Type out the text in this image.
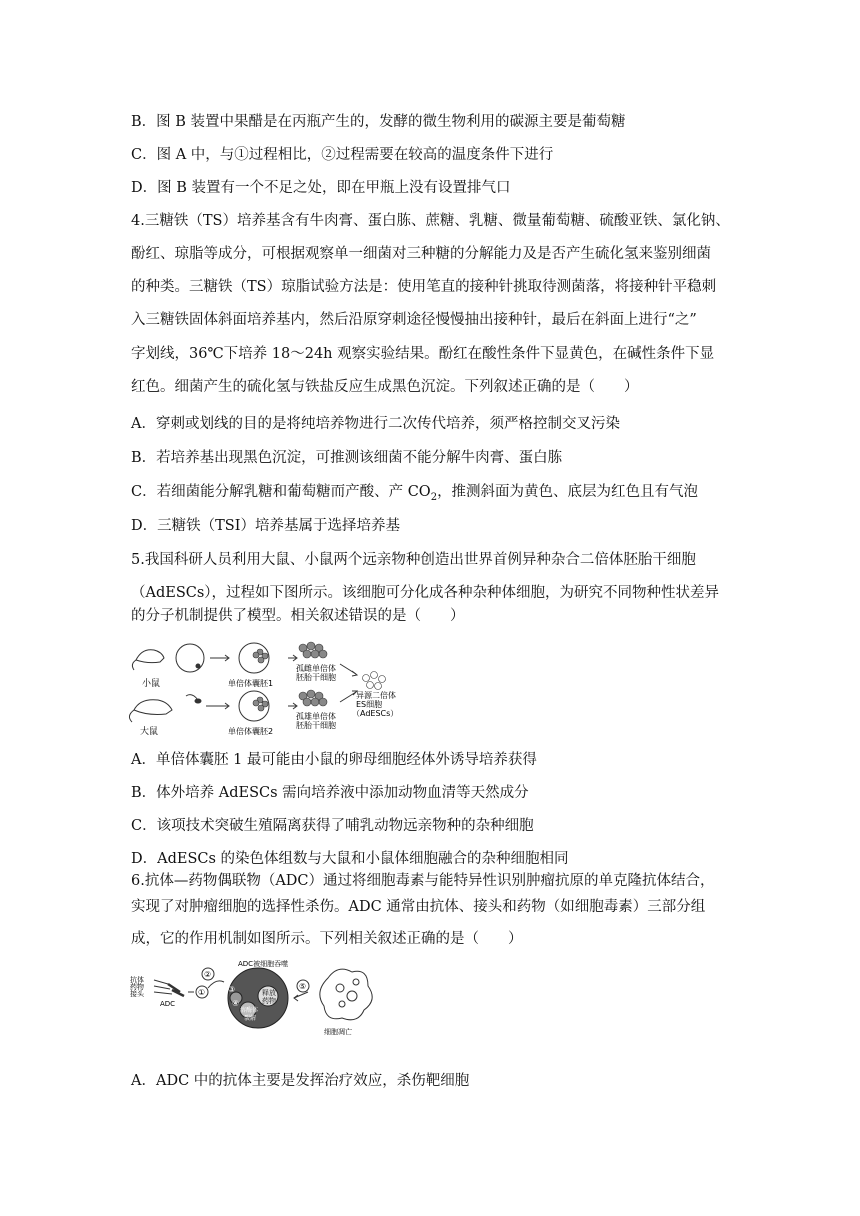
B．图 B 装置中果醋是在丙瓶产生的，发酵的微生物利用的碳源主要是葡萄糖
C．图 A 中，与①过程相比，②过程需要在较高的温度条件下进行
D．图 B 装置有一个不足之处，即在甲瓶上没有设置排气口
4.三糖铁（TS）培养基含有牛肉膏、蛋白胨、蔗糖、乳糖、微量葡萄糖、硫酸亚铁、氯化钠、
酚红、琼脂等成分，可根据观察单一细菌对三种糖的分解能力及是否产生硫化氢来鉴别细菌
的种类。三糖铁（TS）琼脂试验方法是：使用笔直的接种针挑取待测菌落，将接种针平稳刺
入三糖铁固体斜面培养基内，然后沿原穿刺途径慢慢抽出接种针，最后在斜面上进行“之”
字划线，36℃下培养 18～24h 观察实验结果。酚红在酸性条件下显黄色，在碱性条件下显
红色。细菌产生的硫化氢与铁盐反应生成黑色沉淀。下列叙述正确的是（　　）
A．穿刺或划线的目的是将纯培养物进行二次传代培养，须严格控制交叉污染
B．若培养基出现黑色沉淀，可推测该细菌不能分解牛肉膏、蛋白胨
C．若细菌能分解乳糖和葡萄糖而产酸、产 $CO_2$，推测斜面为黄色、底层为红色且有气泡
D．三糖铁（TSI）培养基属于选择培养基
5.我国科研人员利用大鼠、小鼠两个远亲物种创造出世界首例异种杂合二倍体胚胎干细胞
（AdESCs），过程如下图所示。该细胞可分化成各种杂种体细胞，为研究不同物种性状差异
的分子机制提供了模型。相关叙述错误的是（　　）
小鼠
大鼠
单倍体囊胚1
单倍体囊胚2
孤雌单倍体
胚胎干细胞
孤雄单倍体
胚胎干细胞
异源二倍体
ES细胞
（AdESCs）
A．单倍体囊胚 1 最可能由小鼠的卵母细胞经体外诱导培养获得
B．体外培养 AdESCs 需向培养液中添加动物血清等天然成分
C．该项技术突破生殖隔离获得了哺乳动物远亲物种的杂种细胞
D．AdESCs 的染色体组数与大鼠和小鼠体细胞融合的杂种细胞相同
6.抗体—药物偶联物（ADC）通过将细胞毒素与能特异性识别肿瘤抗原的单克隆抗体结合，
实现了对肿瘤细胞的选择性杀伤。ADC 通常由抗体、接头和药物（如细胞毒素）三部分组
成，它的作用机制如图所示。下列相关叙述正确的是（　　）
抗体
药物
接头
ADC
ADC被细胞吞噬
释放
药物
溶酶体
裂解
细胞凋亡
①
②
③
④
⑤
A．ADC 中的抗体主要是发挥治疗效应，杀伤靶细胞
